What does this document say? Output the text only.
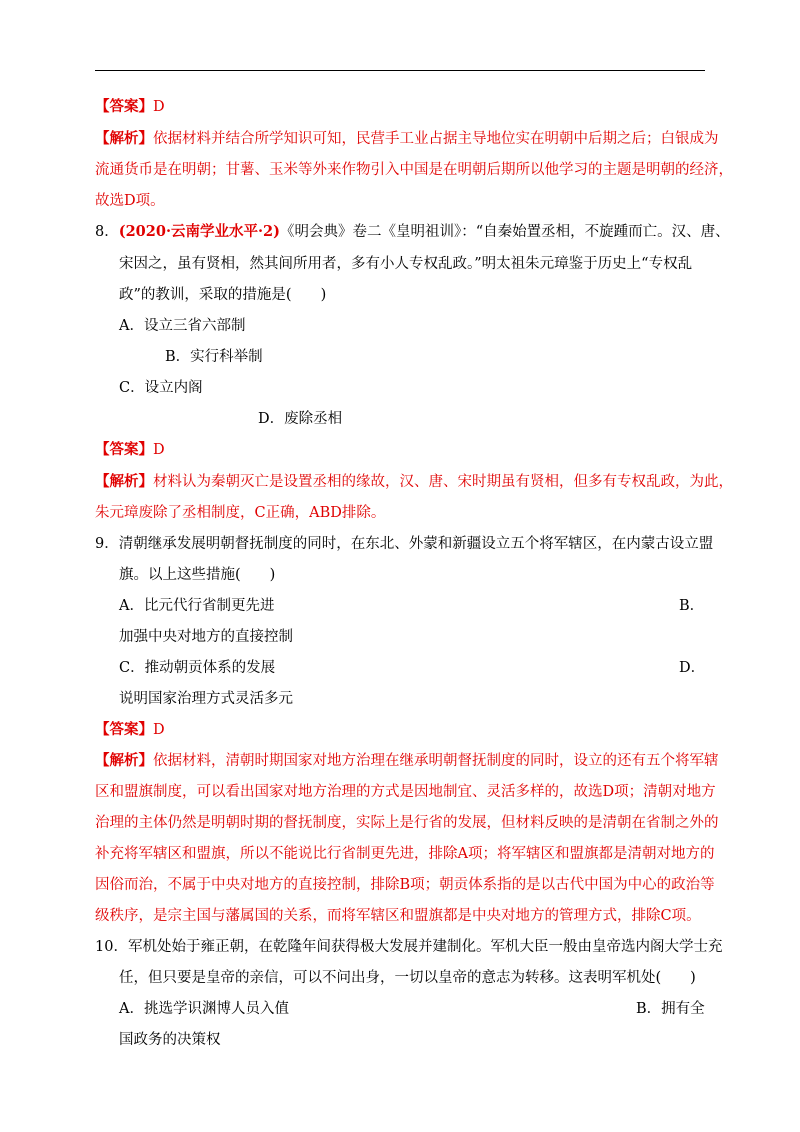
【答案】D
【解析】依据材料并结合所学知识可知，民营手工业占据主导地位实在明朝中后期之后；白银成为
流通货币是在明朝；甘薯、玉米等外来作物引入中国是在明朝后期所以他学习的主题是明朝的经济，
故选D项。
8．(2020·云南学业水平·2)《明会典》卷二《皇明祖训》：“自秦始置丞相，不旋踵而亡。汉、唐、
宋因之，虽有贤相，然其间所用者，多有小人专权乱政。”明太祖朱元璋鉴于历史上“专权乱
政”的教训，采取的措施是(　　)
A．设立三省六部制
B．实行科举制
C．设立内阁
D．废除丞相
【答案】D
【解析】材料认为秦朝灭亡是设置丞相的缘故，汉、唐、宋时期虽有贤相，但多有专权乱政，为此，
朱元璋废除了丞相制度，C正确，ABD排除。
9．清朝继承发展明朝督抚制度的同时，在东北、外蒙和新疆设立五个将军辖区，在内蒙古设立盟
旗。以上这些措施(　　)
A．比元代行省制更先进	B．
加强中央对地方的直接控制
C．推动朝贡体系的发展	D．
说明国家治理方式灵活多元
【答案】D
【解析】依据材料，清朝时期国家对地方治理在继承明朝督抚制度的同时，设立的还有五个将军辖
区和盟旗制度，可以看出国家对地方治理的方式是因地制宜、灵活多样的，故选D项；清朝对地方
治理的主体仍然是明朝时期的督抚制度，实际上是行省的发展，但材料反映的是清朝在省制之外的
补充将军辖区和盟旗，所以不能说比行省制更先进，排除A项；将军辖区和盟旗都是清朝对地方的
因俗而治，不属于中央对地方的直接控制，排除B项；朝贡体系指的是以古代中国为中心的政治等
级秩序，是宗主国与藩属国的关系，而将军辖区和盟旗都是中央对地方的管理方式，排除C项。
10．军机处始于雍正朝，在乾隆年间获得极大发展并建制化。军机大臣一般由皇帝选内阁大学士充
任，但只要是皇帝的亲信，可以不问出身，一切以皇帝的意志为转移。这表明军机处(　　)
A．挑选学识渊博人员入值	B．拥有全
国政务的决策权
